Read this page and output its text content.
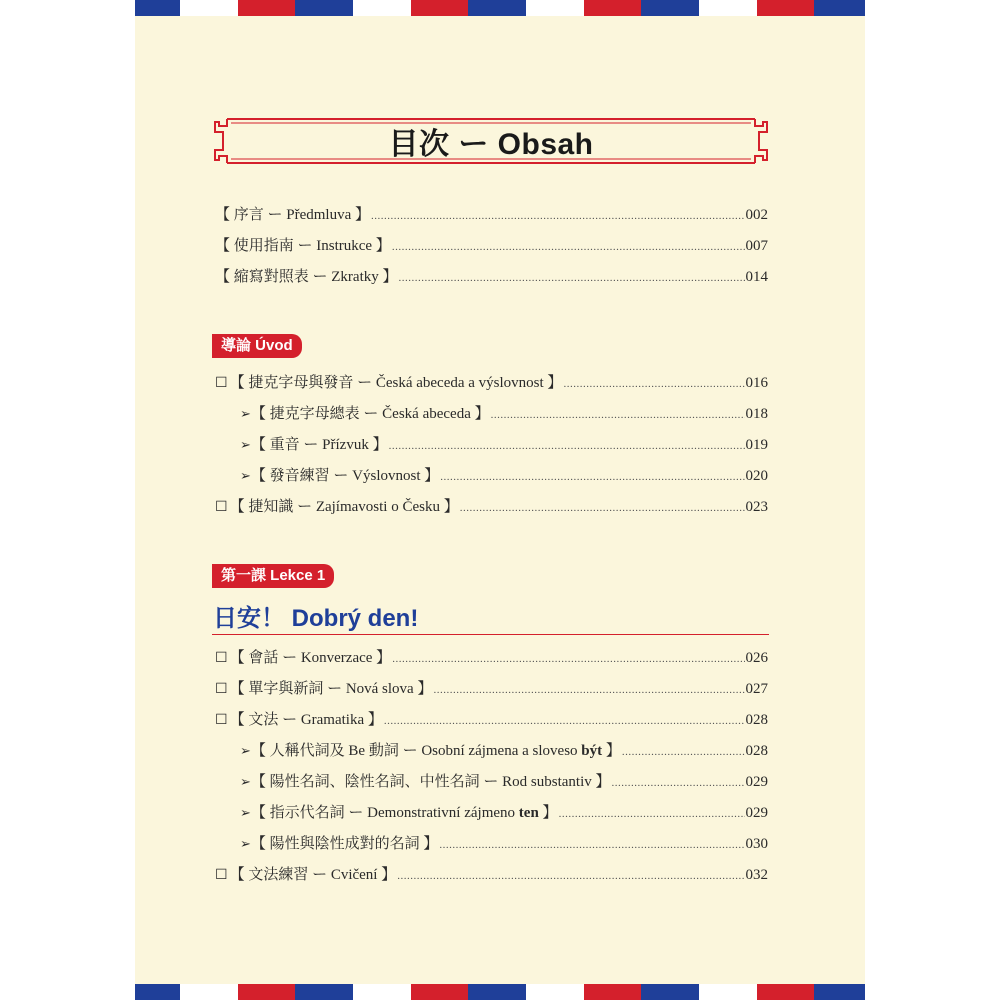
目次 ー Obsah
【 序言 ー Předmluva 】 .....	002
【 使用指南 ー Instrukce 】 .....	007
【 縮寫對照表 ー Zkratky 】 .....	014
導論 Úvod
☐ 【 捷克字母與發音 ー Česká abeceda a výslovnost 】 .....	016
➢ 【 捷克字母總表 ー Česká abeceda 】 .....	018
➢ 【 重音 ー Přízvuk 】 .....	019
➢ 【 發音練習 ー Výslovnost 】 .....	020
☐ 【 捷知識 ー Zajímavosti o Česku 】 .....	023
第一課 Lekce 1
日安！ Dobrý den!
☐ 【 會話 ー Konverzace 】 .....	026
☐ 【 單字與新詞 ー Nová slova 】 .....	027
☐ 【 文法 ー Gramatika 】 .....	028
➢ 【 人稱代詞及 Be 動詞 ー Osobní zájmena a sloveso být 】 .....	028
➢ 【 陽性名詞、陰性名詞、中性名詞 ー Rod substantiv 】 .....	029
➢ 【 指示代名詞 ー Demonstrativní zájmeno ten 】 .....	029
➢ 【 陽性與陰性成對的名詞 】 .....	030
☐ 【 文法練習 ー Cvičení 】 .....	032
